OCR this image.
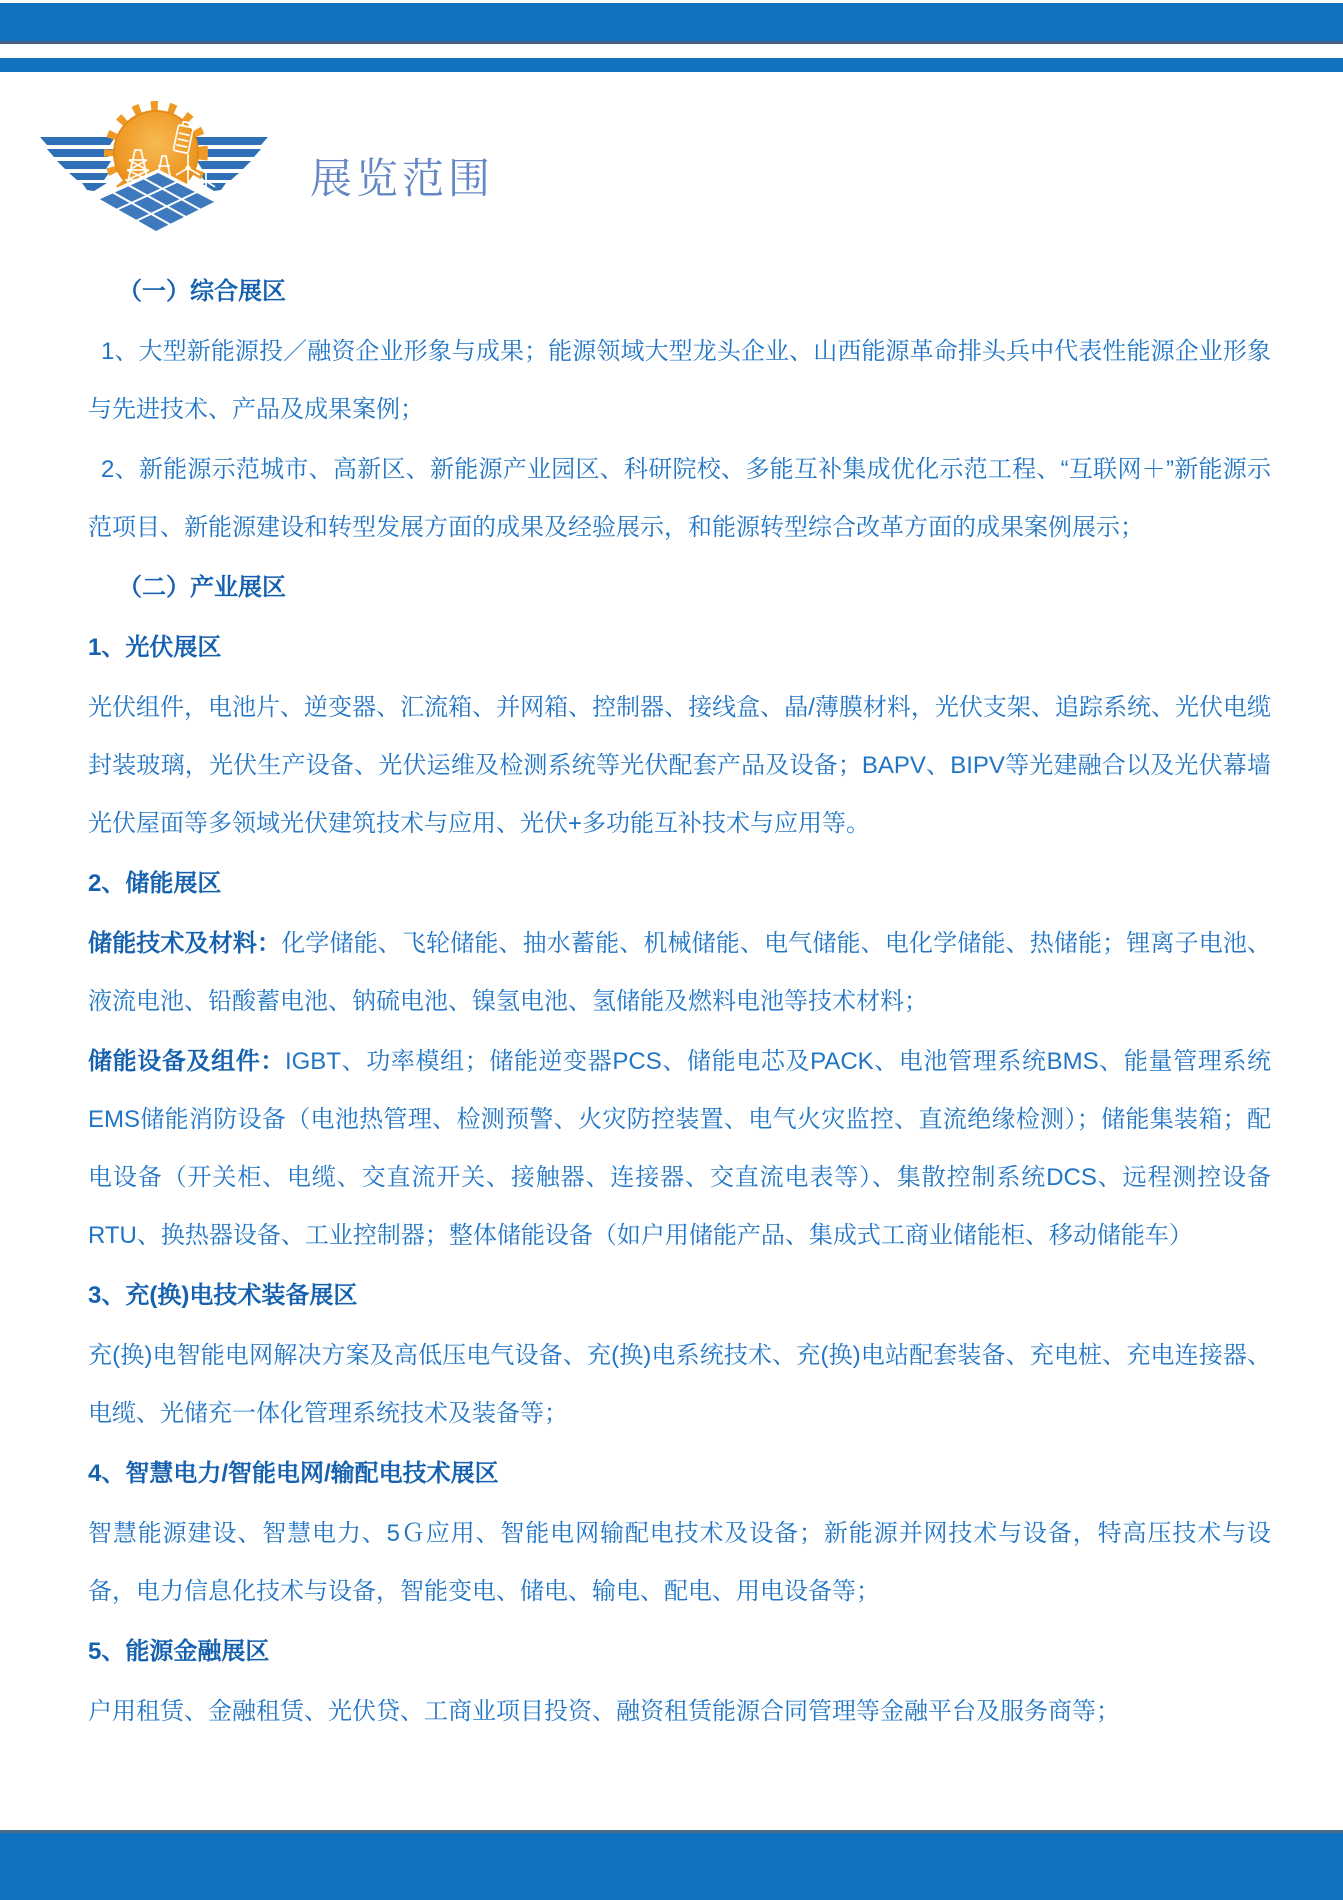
展览范围
（一）综合展区
1、大型新能源投／融资企业形象与成果；能源领域大型龙头企业、山西能源革命排头兵中代表性能源企业形象与先进技术、产品及成果案例；
2、新能源示范城市、高新区、新能源产业园区、科研院校、多能互补集成优化示范工程、“互联网＋”新能源示范项目、新能源建设和转型发展方面的成果及经验展示，和能源转型综合改革方面的成果案例展示；
（二）产业展区
1、光伏展区
光伏组件，电池片、逆变器、汇流箱、并网箱、控制器、接线盒、晶/薄膜材料，光伏支架、追踪系统、光伏电缆封装玻璃，光伏生产设备、光伏运维及检测系统等光伏配套产品及设备；BAPV、BIPV等光建融合以及光伏幕墙光伏屋面等多领域光伏建筑技术与应用、光伏+多功能互补技术与应用等。
2、储能展区
储能技术及材料：化学储能、飞轮储能、抽水蓄能、机械储能、电气储能、电化学储能、热储能；锂离子电池、液流电池、铅酸蓄电池、钠硫电池、镍氢电池、氢储能及燃料电池等技术材料；
储能设备及组件：IGBT、功率模组；储能逆变器PCS、储能电芯及PACK、电池管理系统BMS、能量管理系统EMS储能消防设备（电池热管理、检测预警、火灾防控装置、电气火灾监控、直流绝缘检测）；储能集装箱；配电设备（开关柜、电缆、交直流开关、接触器、连接器、交直流电表等）、集散控制系统DCS、远程测控设备RTU、换热器设备、工业控制器；整体储能设备（如户用储能产品、集成式工商业储能柜、移动储能车）
3、充(换)电技术装备展区
充(换)电智能电网解决方案及高低压电气设备、充(换)电系统技术、充(换)电站配套装备、充电桩、充电连接器、电缆、光储充一体化管理系统技术及装备等；
4、智慧电力/智能电网/输配电技术展区
智慧能源建设、智慧电力、5Ｇ应用、智能电网输配电技术及设备；新能源并网技术与设备，特高压技术与设备，电力信息化技术与设备，智能变电、储电、输电、配电、用电设备等；
5、能源金融展区
户用租赁、金融租赁、光伏贷、工商业项目投资、融资租赁能源合同管理等金融平台及服务商等；
